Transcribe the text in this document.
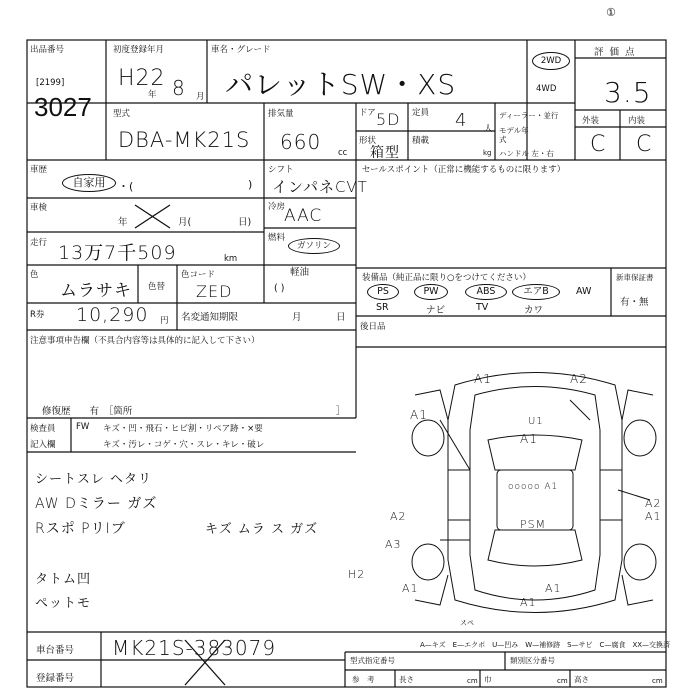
出品番号
[2199]
3027
初度登録年月
H22
年 8 月
車名・グレード
パレットSW・XS
①
評価点
2WD
4WD 3.5
外装	内装
C C
型式
DBA-MK21S
排気量
660 cc
ドア 5D 定員 4 人
形状
箱型
積載
kg
ディーラー・並行
モデル年式
ハンドル 左・右
車歴
自家用	・(	)
車検
年	月(	日)
走行 13万7千509	km
シフト
インパネCVT
冷房
AAC
燃料
ガソリン
軽油
( )
色
ムラサキ 色替
色コード
ZED
R券 10,290 円 名変通知期限	月	日
セールスポイント（正常に機能するものに限ります）
装備品（純正品に限り○をつけてください）
PS	PW	ABS	エアB	AW
SR	ナビ	TV	カワ
新車保証書
有・無
後日品
注意事項申告欄（不具合内容等は具体的に記入して下さい）
修復歴　　有　［箇所	］
検査員
記入欄
FW キズ・凹・飛石・ヒビ割・リペア跡・×要
キズ・汚レ・コゲ・穴・スレ・キレ・破レ
シートスレ ヘタリ
AW Dミラー ガズ
Rスポ PリIブ	キズ ムラ ス ガズ
タトム凹
ペットモ
A1	A2
A1	U1
A1
ooooo A1
A2
A1
A2
PSM
A3
H2
A1	A1
A1
スペ
車台番号 MK21S-383079
登録番号
A—キズ　E—エクボ　U—凹み　W—補修跡　S—サビ　C—腐食　XX—交換済
型式指定番号	類別区分番号
参　考	長さ	cm 巾	cm 高さ	cm
